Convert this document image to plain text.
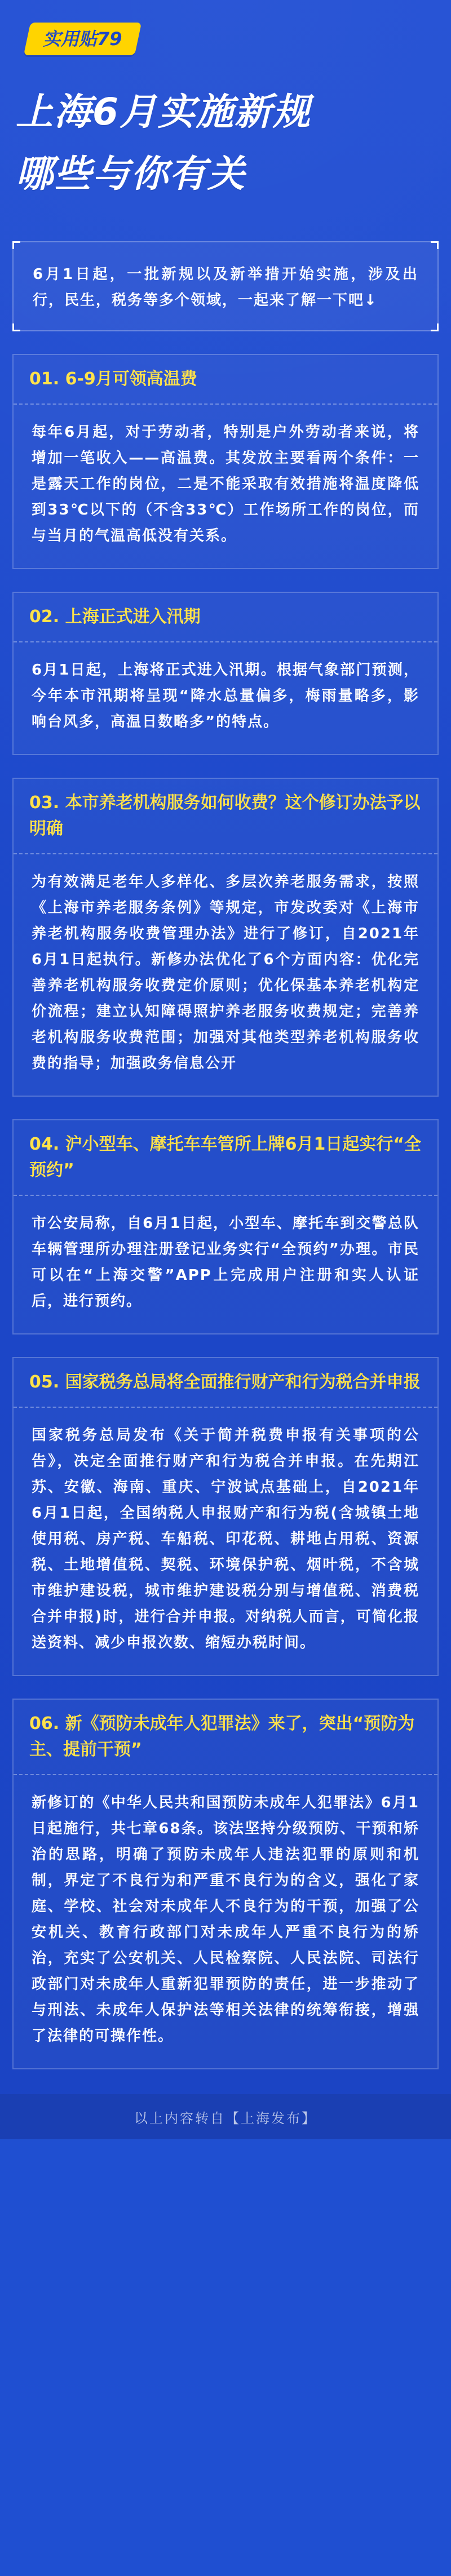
实用贴79
上海6月实施新规
哪些与你有关

6月1日起，一批新规以及新举措开始实施，涉及出行，民生，税务等多个领域，一起来了解一下吧↓

01. 6-9月可领高温费

每年6月起，对于劳动者，特别是户外劳动者来说，将增加一笔收入——高温费。其发放主要看两个条件：一是露天工作的岗位，二是不能采取有效措施将温度降低到33℃以下的（不含33℃）工作场所工作的岗位，而与当月的气温高低没有关系。

02. 上海正式进入汛期

6月1日起，上海将正式进入汛期。根据气象部门预测，今年本市汛期将呈现“降水总量偏多，梅雨量略多，影响台风多，高温日数略多”的特点。

03. 本市养老机构服务如何收费？这个修订办法予以明确

为有效满足老年人多样化、多层次养老服务需求，按照《上海市养老服务条例》等规定，市发改委对《上海市养老机构服务收费管理办法》进行了修订，自2021年6月1日起执行。新修办法优化了6个方面内容：优化完善养老机构服务收费定价原则；优化保基本养老机构定价流程；建立认知障碍照护养老服务收费规定；完善养老机构服务收费范围；加强对其他类型养老机构服务收费的指导；加强政务信息公开

04. 沪小型车、摩托车车管所上牌6月1日起实行“全预约”

市公安局称，自6月1日起，小型车、摩托车到交警总队车辆管理所办理注册登记业务实行“全预约”办理。市民可以在“上海交警”APP上完成用户注册和实人认证后，进行预约。

05. 国家税务总局将全面推行财产和行为税合并申报

国家税务总局发布《关于简并税费申报有关事项的公告》，决定全面推行财产和行为税合并申报。在先期江苏、安徽、海南、重庆、宁波试点基础上，自2021年6月1日起，全国纳税人申报财产和行为税(含城镇土地使用税、房产税、车船税、印花税、耕地占用税、资源税、土地增值税、契税、环境保护税、烟叶税，不含城市维护建设税，城市维护建设税分别与增值税、消费税合并申报)时，进行合并申报。对纳税人而言，可简化报送资料、减少申报次数、缩短办税时间。

06. 新《预防未成年人犯罪法》来了，突出“预防为主、提前干预”

新修订的《中华人民共和国预防未成年人犯罪法》6月1日起施行，共七章68条。该法坚持分级预防、干预和矫治的思路，明确了预防未成年人违法犯罪的原则和机制，界定了不良行为和严重不良行为的含义，强化了家庭、学校、社会对未成年人不良行为的干预，加强了公安机关、教育行政部门对未成年人严重不良行为的矫治，充实了公安机关、人民检察院、人民法院、司法行政部门对未成年人重新犯罪预防的责任，进一步推动了与刑法、未成年人保护法等相关法律的统筹衔接，增强了法律的可操作性。

以上内容转自【上海发布】
